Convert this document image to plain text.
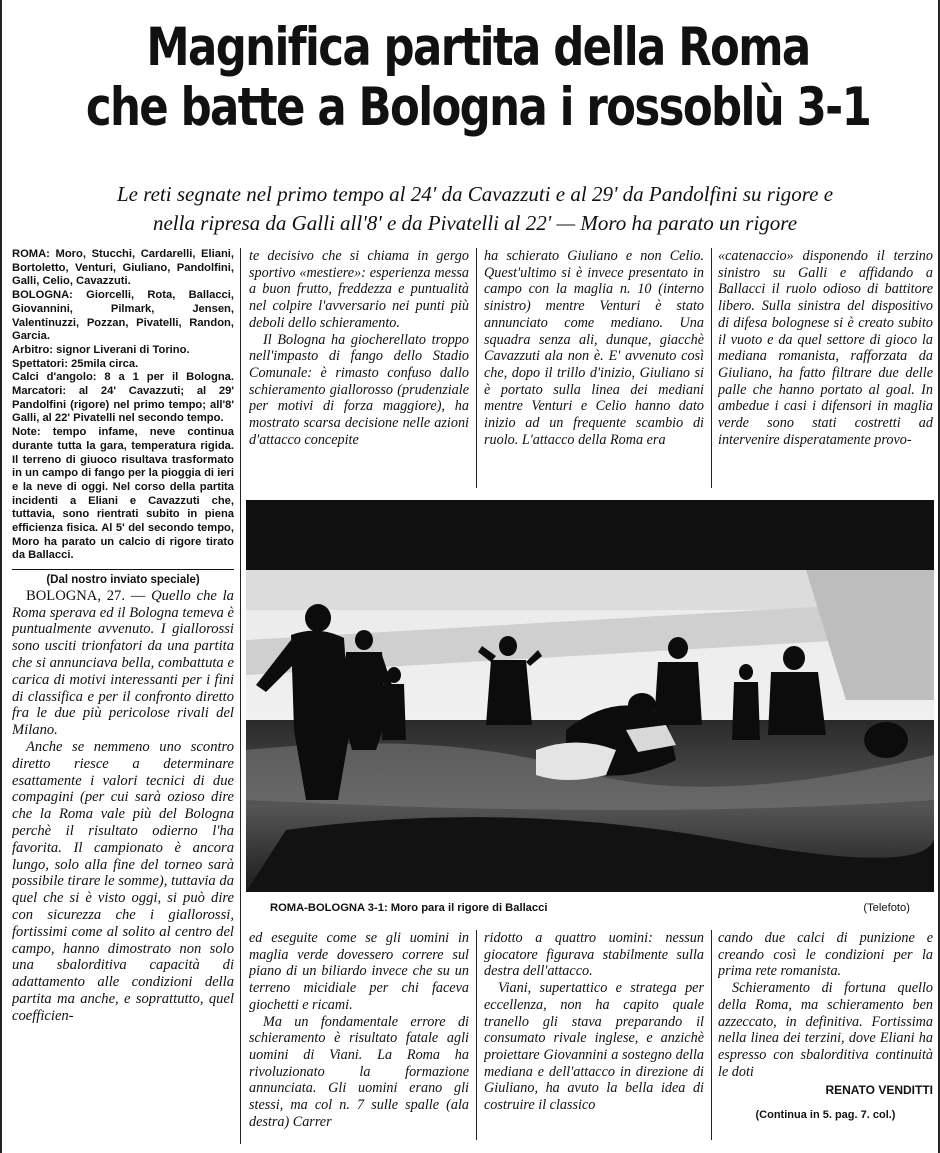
Magnifica partita della Roma
che batte a Bologna i rossoblù 3-1
Le reti segnate nel primo tempo al 24' da Cavazzuti e al 29' da Pandolfini su rigore e
nella ripresa da Galli all'8' e da Pivatelli al 22' — Moro ha parato un rigore

ROMA: Moro, Stucchi, Cardarelli, Eliani, Bortoletto, Venturi, Giuliano, Pandolfini, Galli, Celio, Cavazzuti.

BOLOGNA: Giorcelli, Rota, Ballacci, Giovannini, Pilmark, Jensen, Valentinuzzi, Pozzan, Pivatelli, Randon, Garcia.

Arbitro: signor Liverani di Torino.

Spettatori: 25mila circa.

Calci d'angolo: 8 a 1 per il Bologna. Marcatori: al 24' Cavazzuti; al 29' Pandolfini (rigore) nel primo tempo; all'8' Galli, al 22' Pivatelli nel secondo tempo.

Note: tempo infame, neve continua durante tutta la gara, temperatura rigida. Il terreno di giuoco risultava trasformato in un campo di fango per la pioggia di ieri e la neve di oggi. Nel corso della partita incidenti a Eliani e Cavazzuti che, tuttavia, sono rientrati subito in piena efficienza fisica. Al 5' del secondo tempo, Moro ha parato un calcio di rigore tirato da Ballacci.

(Dal nostro inviato speciale)

BOLOGNA, 27. — Quello che la Roma sperava ed il Bologna temeva è puntualmente avvenuto. I giallorossi sono usciti trionfatori da una partita che si annunciava bella, combattuta e carica di motivi interessanti per i fini di classifica e per il confronto diretto fra le due più pericolose rivali del Milano.

Anche se nemmeno uno scontro diretto riesce a determinare esattamente i valori tecnici di due compagini (per cui sarà ozioso dire che la Roma vale più del Bologna perchè il risultato odierno l'ha favorita. Il campionato è ancora lungo, solo alla fine del torneo sarà possibile tirare le somme), tuttavia da quel che si è visto oggi, si può dire con sicurezza che i giallorossi, fortissimi come al solito al centro del campo, hanno dimostrato non solo una sbalorditiva capacità di adattamento alle condizioni della partita ma anche, e soprattutto, quel coefficien-

te decisivo che si chiama in gergo sportivo «mestiere»: esperienza messa a buon frutto, freddezza e puntualità nel colpire l'avversario nei punti più deboli dello schieramento.

Il Bologna ha giocherellato troppo nell'impasto di fango dello Stadio Comunale: è rimasto confuso dallo schieramento giallorosso (prudenziale per motivi di forza maggiore), ha mostrato scarsa decisione nelle azioni d'attacco concepite

ha schierato Giuliano e non Celio. Quest'ultimo si è invece presentato in campo con la maglia n. 10 (interno sinistro) mentre Venturi è stato annunciato come mediano. Una squadra senza ali, dunque, giacchè Cavazzuti ala non è. E' avvenuto così che, dopo il trillo d'inizio, Giuliano si è portato sulla linea dei mediani mentre Venturi e Celio hanno dato inizio ad un frequente scambio di ruolo. L'attacco della Roma era

«catenaccio» disponendo il terzino sinistro su Galli e affidando a Ballacci il ruolo odioso di battitore libero. Sulla sinistra del dispositivo di difesa bolognese si è creato subito il vuoto e da quel settore di gioco la mediana romanista, rafforzata da Giuliano, ha fatto filtrare due delle palle che hanno portato al goal. In ambedue i casi i difensori in maglia verde sono stati costretti ad intervenire disperatamente provo-

ROMA-BOLOGNA 3-1: Moro para il rigore di Ballacci	(Telefoto)

ed eseguite come se gli uomini in maglia verde dovessero correre sul piano di un biliardo invece che su un terreno micidiale per chi faceva giochetti e ricami.

Ma un fondamentale errore di schieramento è risultato fatale agli uomini di Viani. La Roma ha rivoluzionato la formazione annunciata. Gli uomini erano gli stessi, ma col n. 7 sulle spalle (ala destra) Carrer

ridotto a quattro uomini: nessun giocatore figurava stabilmente sulla destra dell'attacco.

Viani, supertattico e stratega per eccellenza, non ha capito quale tranello gli stava preparando il consumato rivale inglese, e anzichè proiettare Giovannini a sostegno della mediana e dell'attacco in direzione di Giuliano, ha avuto la bella idea di costruire il classico

cando due calci di punizione e creando così le condizioni per la prima rete romanista.

Schieramento di fortuna quello della Roma, ma schieramento ben azzeccato, in definitiva. Fortissima nella linea dei terzini, dove Eliani ha espresso con sbalorditiva continuità le doti

RENATO VENDITTI
(Continua in 5. pag. 7. col.)
